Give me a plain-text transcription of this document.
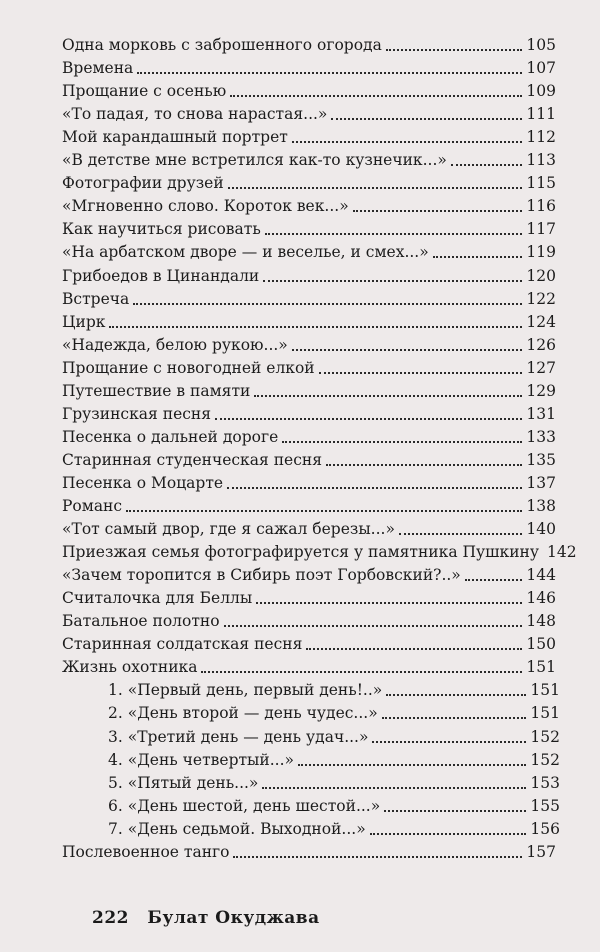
Одна морковь с заброшенного огорода	105
Времена	107
Прощание с осенью	109
«То падая, то снова нарастая...»	111
Мой карандашный портрет	112
«В детстве мне встретился как-то кузнечик...»	113
Фотографии друзей	115
«Мгновенно слово. Короток век...»	116
Как научиться рисовать	117
«На арбатском дворе — и веселье, и смех...»	119
Грибоедов в Цинандали	120
Встреча	122
Цирк	124
«Надежда, белою рукою...»	126
Прощание с новогодней елкой	127
Путешествие в памяти	129
Грузинская песня	131
Песенка о дальней дороге	133
Старинная студенческая песня	135
Песенка о Моцарте	137
Романс	138
«Тот самый двор, где я сажал березы...»	140
Приезжая семья фотографируется у памятника Пушкину 142
«Зачем торопится в Сибирь поэт Горбовский?..»	144
Считалочка для Беллы	146
Батальное полотно	148
Старинная солдатская песня	150
Жизнь охотника	151
1. «Первый день, первый день!..»	151
2. «День второй — день чудес...»	151
3. «Третий день — день удач...»	152
4. «День четвертый...»	152
5. «Пятый день...»	153
6. «День шестой, день шестой...»	155
7. «День седьмой. Выходной...»	156
Послевоенное танго	157
222 Булат Окуджава
